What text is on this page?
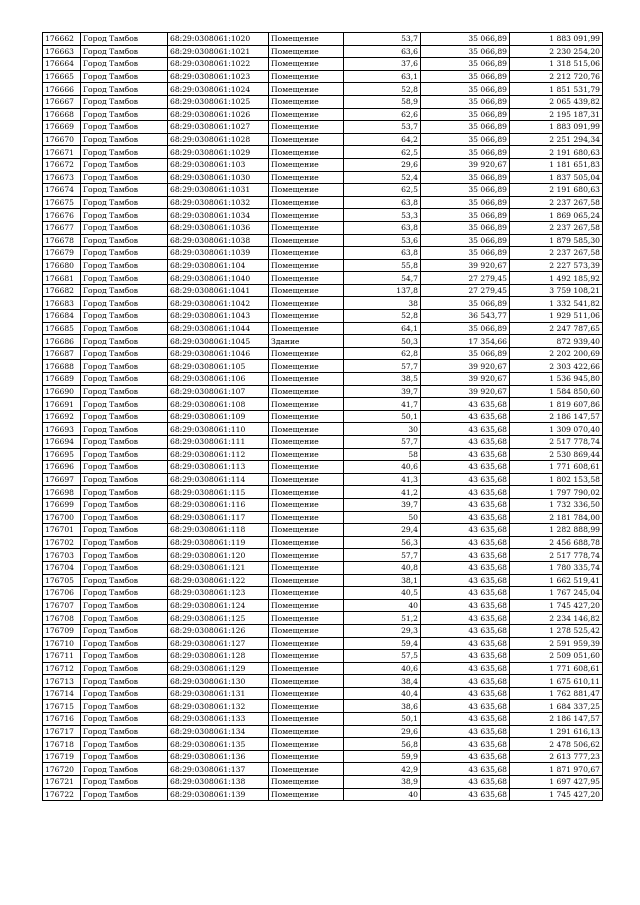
176662	Город Тамбов	68:29:0308061:1020	Помещение	53,7	35 066,89	1 883 091,99
176663	Город Тамбов	68:29:0308061:1021	Помещение	63,6	35 066,89	2 230 254,20
176664	Город Тамбов	68:29:0308061:1022	Помещение	37,6	35 066,89	1 318 515,06
176665	Город Тамбов	68:29:0308061:1023	Помещение	63,1	35 066,89	2 212 720,76
176666	Город Тамбов	68:29:0308061:1024	Помещение	52,8	35 066,89	1 851 531,79
176667	Город Тамбов	68:29:0308061:1025	Помещение	58,9	35 066,89	2 065 439,82
176668	Город Тамбов	68:29:0308061:1026	Помещение	62,6	35 066,89	2 195 187,31
176669	Город Тамбов	68:29:0308061:1027	Помещение	53,7	35 066,89	1 883 091,99
176670	Город Тамбов	68:29:0308061:1028	Помещение	64,2	35 066,89	2 251 294,34
176671	Город Тамбов	68:29:0308061:1029	Помещение	62,5	35 066,89	2 191 680,63
176672	Город Тамбов	68:29:0308061:103	Помещение	29,6	39 920,67	1 181 651,83
176673	Город Тамбов	68:29:0308061:1030	Помещение	52,4	35 066,89	1 837 505,04
176674	Город Тамбов	68:29:0308061:1031	Помещение	62,5	35 066,89	2 191 680,63
176675	Город Тамбов	68:29:0308061:1032	Помещение	63,8	35 066,89	2 237 267,58
176676	Город Тамбов	68:29:0308061:1034	Помещение	53,3	35 066,89	1 869 065,24
176677	Город Тамбов	68:29:0308061:1036	Помещение	63,8	35 066,89	2 237 267,58
176678	Город Тамбов	68:29:0308061:1038	Помещение	53,6	35 066,89	1 879 585,30
176679	Город Тамбов	68:29:0308061:1039	Помещение	63,8	35 066,89	2 237 267,58
176680	Город Тамбов	68:29:0308061:104	Помещение	55,8	39 920,67	2 227 573,39
176681	Город Тамбов	68:29:0308061:1040	Помещение	54,7	27 279,45	1 492 185,92
176682	Город Тамбов	68:29:0308061:1041	Помещение	137,8	27 279,45	3 759 108,21
176683	Город Тамбов	68:29:0308061:1042	Помещение	38	35 066,89	1 332 541,82
176684	Город Тамбов	68:29:0308061:1043	Помещение	52,8	36 543,77	1 929 511,06
176685	Город Тамбов	68:29:0308061:1044	Помещение	64,1	35 066,89	2 247 787,65
176686	Город Тамбов	68:29:0308061:1045	Здание	50,3	17 354,66	872 939,40
176687	Город Тамбов	68:29:0308061:1046	Помещение	62,8	35 066,89	2 202 200,69
176688	Город Тамбов	68:29:0308061:105	Помещение	57,7	39 920,67	2 303 422,66
176689	Город Тамбов	68:29:0308061:106	Помещение	38,5	39 920,67	1 536 945,80
176690	Город Тамбов	68:29:0308061:107	Помещение	39,7	39 920,67	1 584 850,60
176691	Город Тамбов	68:29:0308061:108	Помещение	41,7	43 635,68	1 819 607,86
176692	Город Тамбов	68:29:0308061:109	Помещение	50,1	43 635,68	2 186 147,57
176693	Город Тамбов	68:29:0308061:110	Помещение	30	43 635,68	1 309 070,40
176694	Город Тамбов	68:29:0308061:111	Помещение	57,7	43 635,68	2 517 778,74
176695	Город Тамбов	68:29:0308061:112	Помещение	58	43 635,68	2 530 869,44
176696	Город Тамбов	68:29:0308061:113	Помещение	40,6	43 635,68	1 771 608,61
176697	Город Тамбов	68:29:0308061:114	Помещение	41,3	43 635,68	1 802 153,58
176698	Город Тамбов	68:29:0308061:115	Помещение	41,2	43 635,68	1 797 790,02
176699	Город Тамбов	68:29:0308061:116	Помещение	39,7	43 635,68	1 732 336,50
176700	Город Тамбов	68:29:0308061:117	Помещение	50	43 635,68	2 181 784,00
176701	Город Тамбов	68:29:0308061:118	Помещение	29,4	43 635,68	1 282 888,99
176702	Город Тамбов	68:29:0308061:119	Помещение	56,3	43 635,68	2 456 688,78
176703	Город Тамбов	68:29:0308061:120	Помещение	57,7	43 635,68	2 517 778,74
176704	Город Тамбов	68:29:0308061:121	Помещение	40,8	43 635,68	1 780 335,74
176705	Город Тамбов	68:29:0308061:122	Помещение	38,1	43 635,68	1 662 519,41
176706	Город Тамбов	68:29:0308061:123	Помещение	40,5	43 635,68	1 767 245,04
176707	Город Тамбов	68:29:0308061:124	Помещение	40	43 635,68	1 745 427,20
176708	Город Тамбов	68:29:0308061:125	Помещение	51,2	43 635,68	2 234 146,82
176709	Город Тамбов	68:29:0308061:126	Помещение	29,3	43 635,68	1 278 525,42
176710	Город Тамбов	68:29:0308061:127	Помещение	59,4	43 635,68	2 591 959,39
176711	Город Тамбов	68:29:0308061:128	Помещение	57,5	43 635,68	2 509 051,60
176712	Город Тамбов	68:29:0308061:129	Помещение	40,6	43 635,68	1 771 608,61
176713	Город Тамбов	68:29:0308061:130	Помещение	38,4	43 635,68	1 675 610,11
176714	Город Тамбов	68:29:0308061:131	Помещение	40,4	43 635,68	1 762 881,47
176715	Город Тамбов	68:29:0308061:132	Помещение	38,6	43 635,68	1 684 337,25
176716	Город Тамбов	68:29:0308061:133	Помещение	50,1	43 635,68	2 186 147,57
176717	Город Тамбов	68:29:0308061:134	Помещение	29,6	43 635,68	1 291 616,13
176718	Город Тамбов	68:29:0308061:135	Помещение	56,8	43 635,68	2 478 506,62
176719	Город Тамбов	68:29:0308061:136	Помещение	59,9	43 635,68	2 613 777,23
176720	Город Тамбов	68:29:0308061:137	Помещение	42,9	43 635,68	1 871 970,67
176721	Город Тамбов	68:29:0308061:138	Помещение	38,9	43 635,68	1 697 427,95
176722	Город Тамбов	68:29:0308061:139	Помещение	40	43 635,68	1 745 427,20
